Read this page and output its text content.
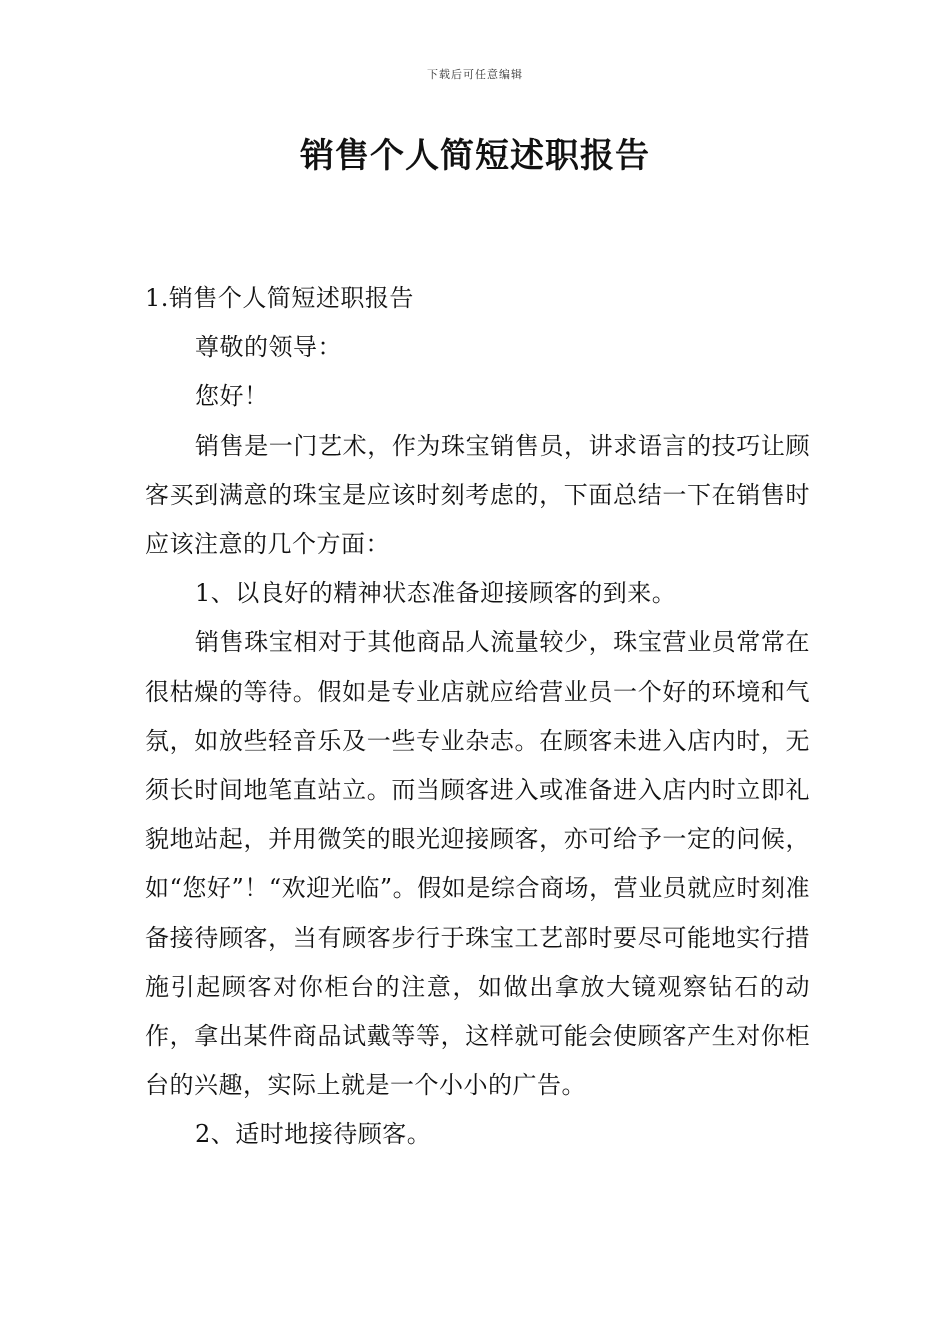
下载后可任意编辑
销售个人简短述职报告

1.销售个人简短述职报告

尊敬的领导：

您好！

销售是一门艺术，作为珠宝销售员，讲求语言的技巧让顾客买到满意的珠宝是应该时刻考虑的，下面总结一下在销售时应该注意的几个方面：

1、以良好的精神状态准备迎接顾客的到来。

销售珠宝相对于其他商品人流量较少，珠宝营业员常常在很枯燥的等待。假如是专业店就应给营业员一个好的环境和气氛，如放些轻音乐及一些专业杂志。在顾客未进入店内时，无须长时间地笔直站立。而当顾客进入或准备进入店内时立即礼貌地站起，并用微笑的眼光迎接顾客，亦可给予一定的问候，如“您好”！“欢迎光临”。假如是综合商场，营业员就应时刻准备接待顾客，当有顾客步行于珠宝工艺部时要尽可能地实行措施引起顾客对你柜台的注意，如做出拿放大镜观察钻石的动作，拿出某件商品试戴等等，这样就可能会使顾客产生对你柜台的兴趣，实际上就是一个小小的广告。

2、适时地接待顾客。
